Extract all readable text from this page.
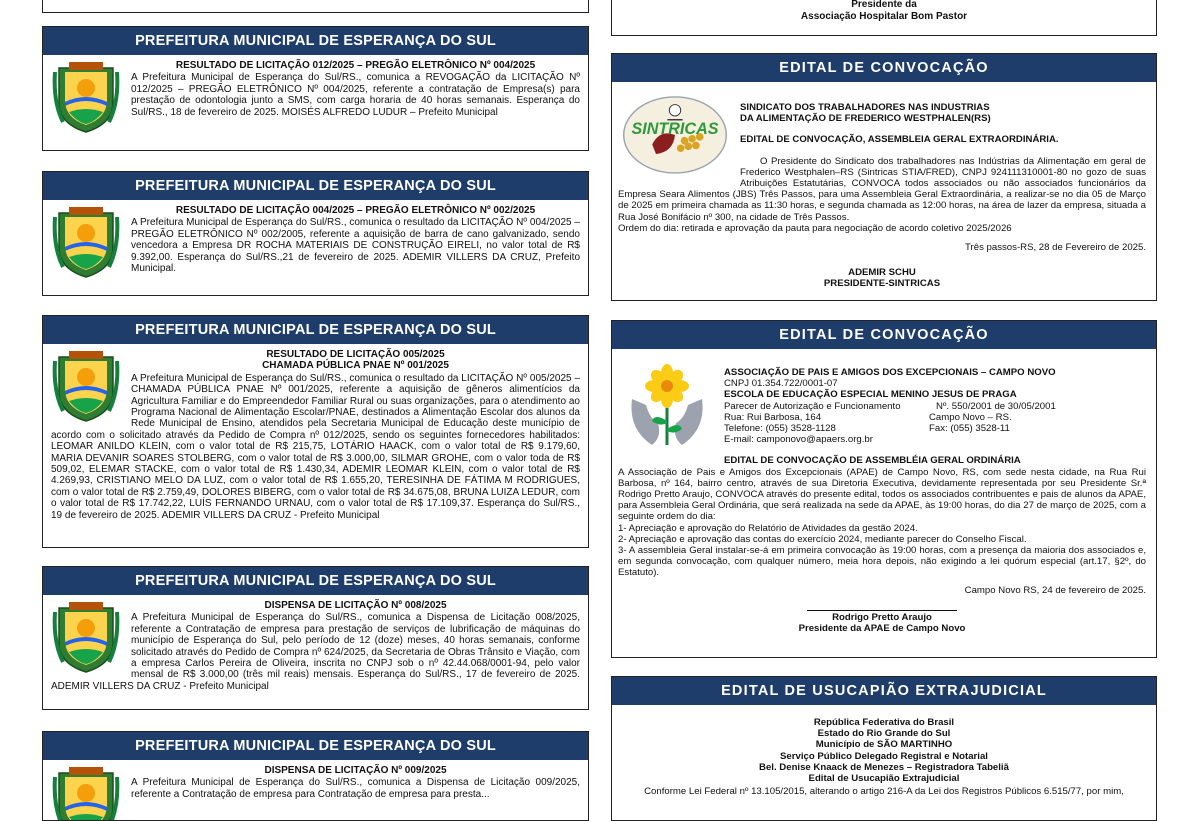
Presidente da
Associação Hospitalar Bom Pastor
PREFEITURA MUNICIPAL DE ESPERANÇA DO SUL
RESULTADO DE LICITAÇÃO 012/2025 – PREGÃO ELETRÔNICO Nº 004/2025
A Prefeitura Municipal de Esperança do Sul/RS., comunica a REVOGAÇÃO da LICITAÇÃO Nº 012/2025 – PREGÃO ELETRÔNICO Nº 004/2025, referente a contratação de Empresa(s) para prestação de odontologia junto a SMS, com carga horaria de 40 horas semanais. Esperança do Sul/RS., 18 de fevereiro de 2025. MOISÉS ALFREDO LUDUR – Prefeito Municipal
PREFEITURA MUNICIPAL DE ESPERANÇA DO SUL
RESULTADO DE LICITAÇÃO 004/2025 – PREGÃO ELETRÔNICO Nº 002/2025
A Prefeitura Municipal de Esperança do Sul/RS., comunica o resultado da LICITAÇÃO Nº 004/2025 – PREGÃO ELETRÔNICO Nº 002/2005, referente a aquisição de barra de cano galvanizado, sendo vencedora a Empresa DR ROCHA MATERIAIS DE CONSTRUÇÃO EIRELI, no valor total de R$ 9.392,00. Esperança do Sul/RS.,21 de fevereiro de 2025. ADEMIR VILLERS DA CRUZ, Prefeito Municipal.
PREFEITURA MUNICIPAL DE ESPERANÇA DO SUL
RESULTADO DE LICITAÇÃO 005/2025
CHAMADA PÚBLICA PNAE Nº 001/2025
A Prefeitura Municipal de Esperança do Sul/RS., comunica o resultado da LICITAÇÃO Nº 005/2025 – CHAMADA PÚBLICA PNAE Nº 001/2025, referente a aquisição de gêneros alimentícios da Agricultura Familiar e do Empreendedor Familiar Rural ou suas organizações, para o atendimento ao Programa Nacional de Alimentação Escolar/PNAE, destinados a Alimentação Escolar dos alunos da Rede Municipal de Ensino, atendidos pela Secretaria Municipal de Educação deste município de acordo com o solicitado através da Pedido de Compra nº 012/2025, sendo os seguintes fornecedores habilitados: LEOMAR ANILDO KLEIN, com o valor total de R$ 215,75, LOTÁRIO HAACK, com o valor total de R$ 9.179,60, MARIA DEVANIR SOARES STOLBERG, com o valor total de R$ 3.000,00, SILMAR GROHE, com o valor toda de R$ 509,02, ELEMAR STACKE, com o valor total de R$ 1.430,34, ADEMIR LEOMAR KLEIN, com o valor total de R$ 4.269,93, CRISTIANO MELO DA LUZ, com o valor total de R$ 1.655,20, TERESINHA DE FÁTIMA M RODRIGUES, com o valor total de R$ 2.759,49, DOLORES BIBERG, com o valor total de R$ 34.675,08, BRUNA LUIZA LEDUR, com o valor total de R$ 17.742,22, LUÍS FERNANDO URNAU, com o valor total de R$ 17.109,37. Esperança do Sul/RS., 19 de fevereiro de 2025. ADEMIR VILLERS DA CRUZ - Prefeito Municipal
PREFEITURA MUNICIPAL DE ESPERANÇA DO SUL
DISPENSA DE LICITAÇÃO Nº 008/2025
A Prefeitura Municipal de Esperança do Sul/RS., comunica a Dispensa de Licitação 008/2025, referente a Contratação de empresa para prestação de serviços de lubrificação de máquinas do município de Esperança do Sul, pelo período de 12 (doze) meses, 40 horas semanais, conforme solicitado através do Pedido de Compra nº 624/2025, da Secretaria de Obras Trânsito e Viação, com a empresa Carlos Pereira de Oliveira, inscrita no CNPJ sob o nº 42.44.068/0001-94, pelo valor mensal de R$ 3.000,00 (três mil reais) mensais. Esperança do Sul/RS., 17 de fevereiro de 2025. ADEMIR VILLERS DA CRUZ - Prefeito Municipal
PREFEITURA MUNICIPAL DE ESPERANÇA DO SUL
DISPENSA DE LICITAÇÃO Nº 009/2025
A Prefeitura Municipal de Esperança do Sul/RS., comunica a Dispensa de Licitação 009/2025, referente a Contratação de empresa para Contratação de empresa para presta...
EDITAL DE CONVOCAÇÃO
SINTRICAS
SINDICATO DOS TRABALHADORES NAS INDUSTRIAS
DA ALIMENTAÇÃO DE FREDERICO WESTPHALEN(RS)
EDITAL DE CONVOCAÇÃO, ASSEMBLEIA GERAL EXTRAORDINÁRIA.
O Presidente do Sindicato dos trabalhadores nas Indústrias da Alimentação em geral de Frederico Westphalen–RS (Sintricas STIA/FRED), CNPJ 924111310001-80 no gozo de suas Atribuições Estatutárias, CONVOCA todos associados ou não associados funcionários da Empresa Seara Alimentos (JBS) Três Passos, para uma Assembleia Geral Extraordinária, a realizar-se no dia 05 de Março de 2025 em primeira chamada as 11:30 horas, e segunda chamada as 12:00 horas, na área de lazer da empresa, situada a Rua José Bonifácio nº 300, na cidade de Três Passos.
Ordem do dia: retirada e aprovação da pauta para negociação de acordo coletivo 2025/2026
Três passos-RS, 28 de Fevereiro de 2025.
ADEMIR SCHU
PRESIDENTE-SINTRICAS
EDITAL DE CONVOCAÇÃO
ASSOCIAÇÃO DE PAIS E AMIGOS DOS EXCEPCIONAIS – CAMPO NOVO
CNPJ 01.354.722/0001-07
ESCOLA DE EDUCAÇÃO ESPECIAL MENINO JESUS DE PRAGA
Parecer de Autorização e Funcionamento	Nº. 550/2001 de 30/05/2001
Rua: Rui Barbosa, 164	Campo Novo – RS.
Telefone: (055) 3528-1128	Fax: (055) 3528-11
E-mail: camponovo@apaers.org.br
EDITAL DE CONVOCAÇÃO DE ASSEMBLÉIA GERAL ORDINÁRIA
A Associação de Pais e Amigos dos Excepcionais (APAE) de Campo Novo, RS, com sede nesta cidade, na Rua Rui Barbosa, nº 164, bairro centro, através de sua Diretoria Executiva, devidamente representada por seu Presidente Sr.ª Rodrigo Pretto Araujo, CONVOCA através do presente edital, todos os associados contribuentes e pais de alunos da APAE, para Assembleia Geral Ordinária, que será realizada na sede da APAE, às 19:00 horas, do dia 27 de março de 2025, com a seguinte ordem do dia:
1- Apreciação e aprovação do Relatório de Atividades da gestão 2024.
2- Apreciação e aprovação das contas do exercício 2024, mediante parecer do Conselho Fiscal.
3- A assembleia Geral instalar-se-á em primeira convocação às 19:00 horas, com a presença da maioria dos associados e, em segunda convocação, com qualquer número, meia hora depois, não exigindo a lei quórum especial (art.17, §2º, do Estatuto).
Campo Novo RS, 24 de fevereiro de 2025.
Rodrigo Pretto Araujo
Presidente da APAE de Campo Novo
EDITAL DE USUCAPIÃO EXTRAJUDICIAL
República Federativa do Brasil
Estado do Rio Grande do Sul
Município de SÃO MARTINHO
Serviço Público Delegado Registral e Notarial
Bel. Denise Knaack de Menezes – Registradora Tabeliã
Edital de Usucapião Extrajudicial
Conforme Lei Federal nº 13.105/2015, alterando o artigo 216-A da Lei dos Registros Públicos 6.515/77, por mim,
